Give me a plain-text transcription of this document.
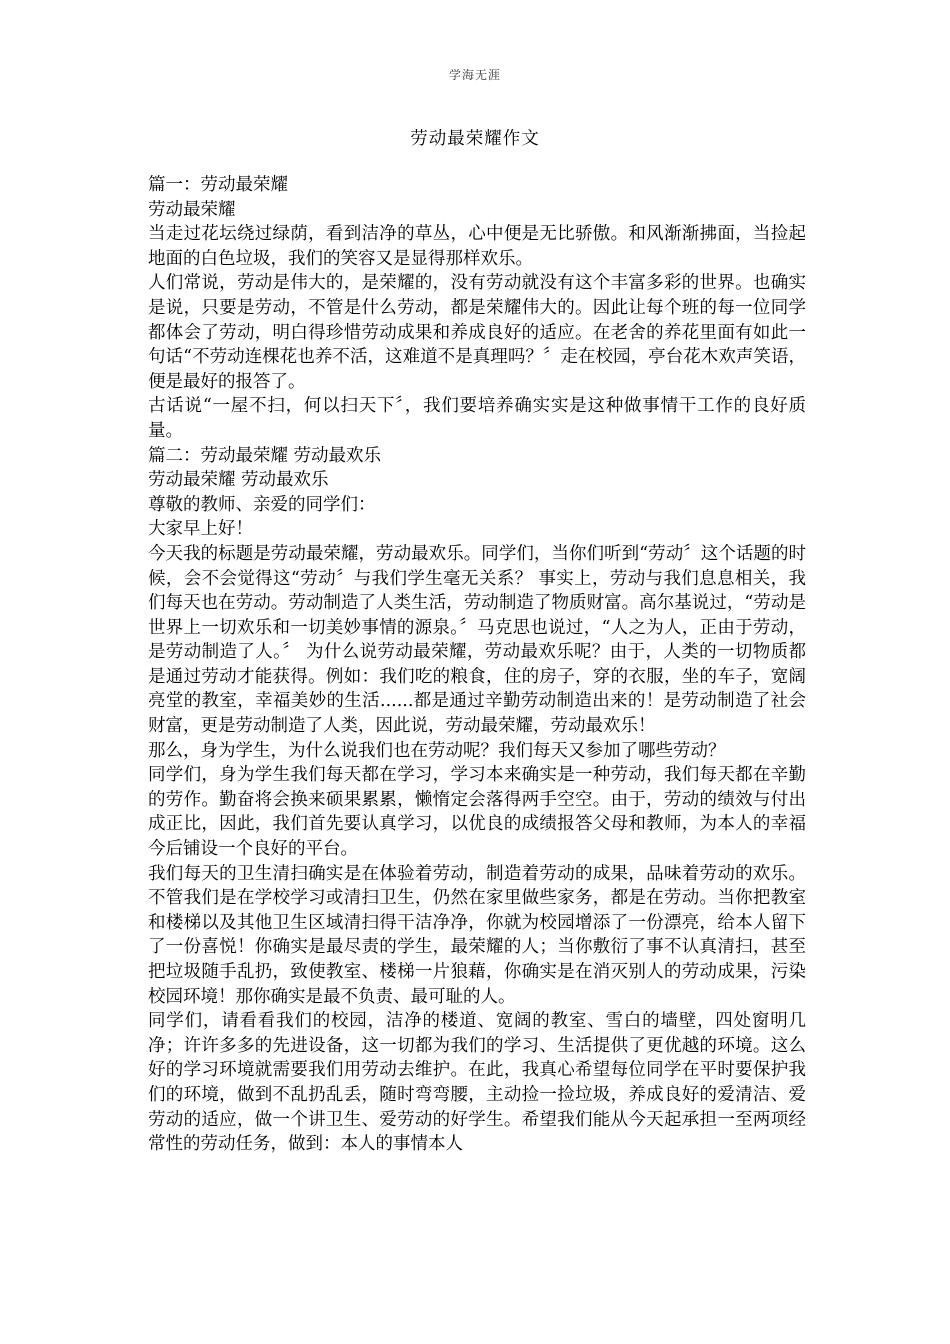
学海无涯
劳动最荣耀作文

篇一：劳动最荣耀

劳动最荣耀

当走过花坛绕过绿荫，看到洁净的草丛，心中便是无比骄傲。和风渐渐拂面，当捡起地面的白色垃圾，我们的笑容又是显得那样欢乐。

人们常说，劳动是伟大的，是荣耀的，没有劳动就没有这个丰富多彩的世界。也确实是说，只要是劳动，不管是什么劳动，都是荣耀伟大的。因此让每个班的每一位同学都体会了劳动，明白得珍惜劳动成果和养成良好的适应。在老舍的养花里面有如此一句话“不劳动连棵花也养不活，这难道不是真理吗？〞走在校园，亭台花木欢声笑语，便是最好的报答了。

古话说“一屋不扫，何以扫天下〞，我们要培养确实实是这种做事情干工作的良好质量。

篇二：劳动最荣耀 劳动最欢乐

劳动最荣耀 劳动最欢乐

尊敬的教师、亲爱的同学们：

大家早上好！

今天我的标题是劳动最荣耀，劳动最欢乐。同学们，当你们听到“劳动〞这个话题的时候，会不会觉得这“劳动〞与我们学生毫无关系？ 事实上，劳动与我们息息相关，我们每天也在劳动。劳动制造了人类生活，劳动制造了物质财富。高尔基说过，“劳动是世界上一切欢乐和一切美妙事情的源泉。〞马克思也说过，“人之为人，正由于劳动，是劳动制造了人。〞 为什么说劳动最荣耀，劳动最欢乐呢？由于，人类的一切物质都是通过劳动才能获得。例如：我们吃的粮食，住的房子，穿的衣服，坐的车子，宽阔亮堂的教室，幸福美妙的生活......都是通过辛勤劳动制造出来的！是劳动制造了社会财富，更是劳动制造了人类，因此说，劳动最荣耀，劳动最欢乐！

那么，身为学生，为什么说我们也在劳动呢？我们每天又参加了哪些劳动？

同学们，身为学生我们每天都在学习，学习本来确实是一种劳动，我们每天都在辛勤的劳作。勤奋将会换来硕果累累，懒惰定会落得两手空空。由于，劳动的绩效与付出成正比，因此，我们首先要认真学习，以优良的成绩报答父母和教师，为本人的幸福今后铺设一个良好的平台。

我们每天的卫生清扫确实是在体验着劳动，制造着劳动的成果，品味着劳动的欢乐。不管我们是在学校学习或清扫卫生，仍然在家里做些家务，都是在劳动。当你把教室和楼梯以及其他卫生区域清扫得干洁净净，你就为校园增添了一份漂亮，给本人留下了一份喜悦！你确实是最尽责的学生，最荣耀的人；当你敷衍了事不认真清扫，甚至把垃圾随手乱扔，致使教室、楼梯一片狼藉，你确实是在消灭别人的劳动成果，污染校园环境！那你确实是最不负责、最可耻的人。

同学们，请看看我们的校园，洁净的楼道、宽阔的教室、雪白的墙壁，四处窗明几净；许许多多的先进设备，这一切都为我们的学习、生活提供了更优越的环境。这么好的学习环境就需要我们用劳动去维护。在此，我真心希望每位同学在平时要保护我们的环境，做到不乱扔乱丢，随时弯弯腰，主动捡一捡垃圾，养成良好的爱清洁、爱劳动的适应，做一个讲卫生、爱劳动的好学生。希望我们能从今天起承担一至两项经常性的劳动任务，做到：本人的事情本人
